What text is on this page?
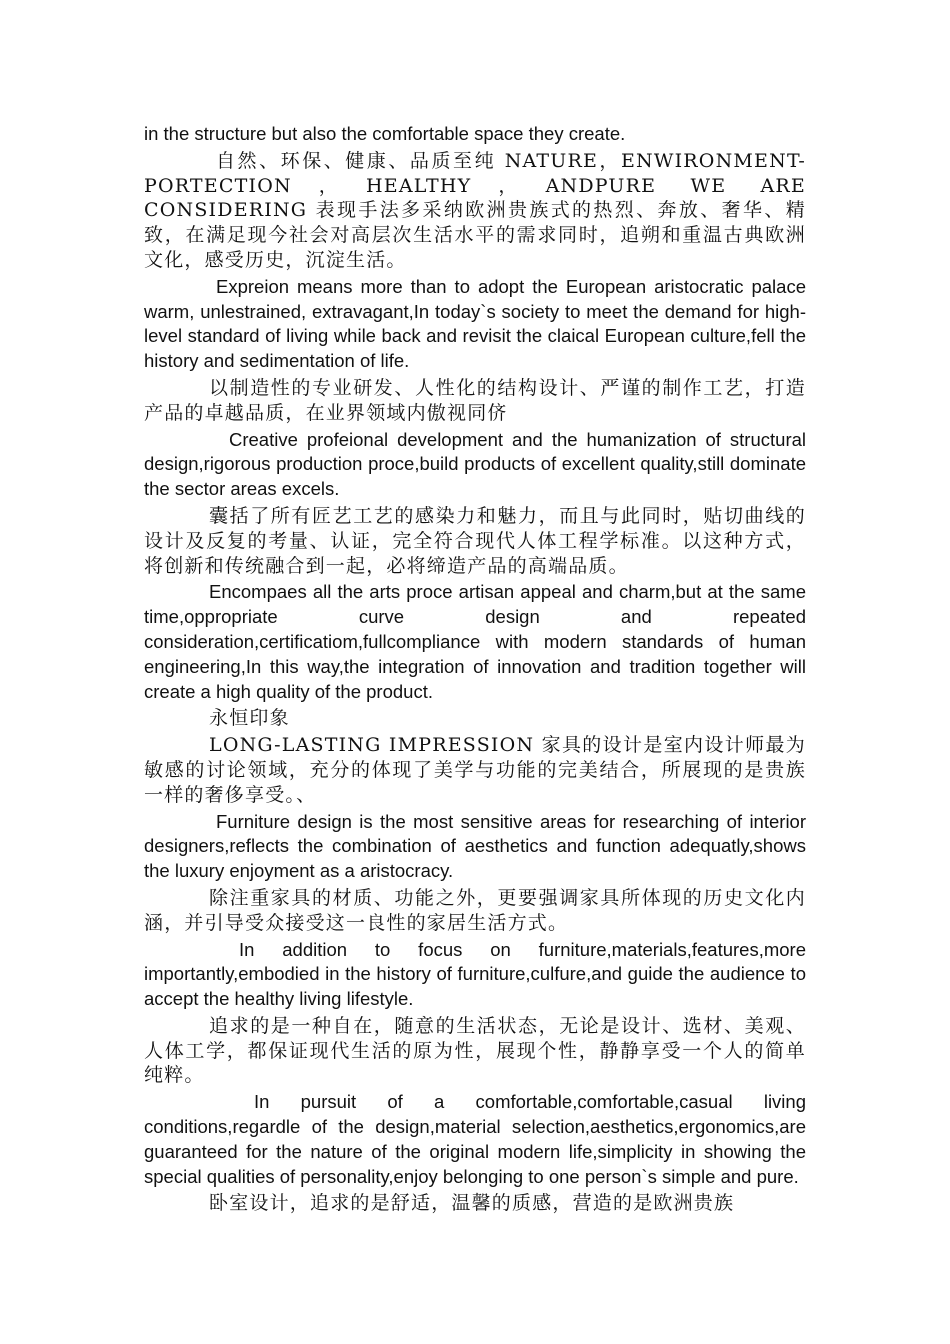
in the structure but also the comfortable space they create.

自然、环保、健康、品质至纯 NATURE，ENWIRONMENT-PORTECTION，HEALTHY，ANDPURE WE ARE CONSIDERING 表现手法多采纳欧洲贵族式的热烈、奔放、奢华、精致，在满足现今社会对高层次生活水平的需求同时，追朔和重温古典欧洲文化，感受历史，沉淀生活。

Expreion means more than to adopt the European aristocratic palace warm, unlestrained, extravagant,In today`s society to meet the demand for high-level standard of living while back and revisit the claical European culture,fell the history and sedimentation of life.

以制造性的专业研发、人性化的结构设计、严谨的制作工艺，打造产品的卓越品质，在业界领域内傲视同侪

Creative profeional development and the humanization of structural design,rigorous production proce,build products of excellent quality,still dominate the sector areas excels.

囊括了所有匠艺工艺的感染力和魅力，而且与此同时，贴切曲线的设计及反复的考量、认证，完全符合现代人体工程学标准。以这种方式，将创新和传统融合到一起，必将缔造产品的高端品质。

Encompaes all the arts proce artisan appeal and charm,but at the same time,oppropriate curve design and repeated consideration,certificatiom,fullcompliance with modern standards of human engineering,In this way,the integration of innovation and tradition together will create a high quality of the product.

永恒印象

LONG-LASTING IMPRESSION 家具的设计是室内设计师最为敏感的讨论领域，充分的体现了美学与功能的完美结合，所展现的是贵族一样的奢侈享受。、

Furniture design is the most sensitive areas for researching of interior designers,reflects the combination of aesthetics and function adequatly,shows the luxury enjoyment as a aristocracy.

除注重家具的材质、功能之外，更要强调家具所体现的历史文化内涵，并引导受众接受这一良性的家居生活方式。

In addition to focus on furniture,materials,features,more importantly,embodied in the history of furniture,culfure,and guide the audience to accept the healthy living lifestyle.

追求的是一种自在，随意的生活状态，无论是设计、选材、美观、人体工学，都保证现代生活的原为性，展现个性，静静享受一个人的简单纯粹。

In pursuit of a comfortable,comfortable,casual living conditions,regardle of the design,material selection,aesthetics,ergonomics,are guaranteed for the nature of the original modern life,simplicity in showing the special qualities of personality,enjoy belonging to one person`s simple and pure.

卧室设计，追求的是舒适，温馨的质感，营造的是欧洲贵族
